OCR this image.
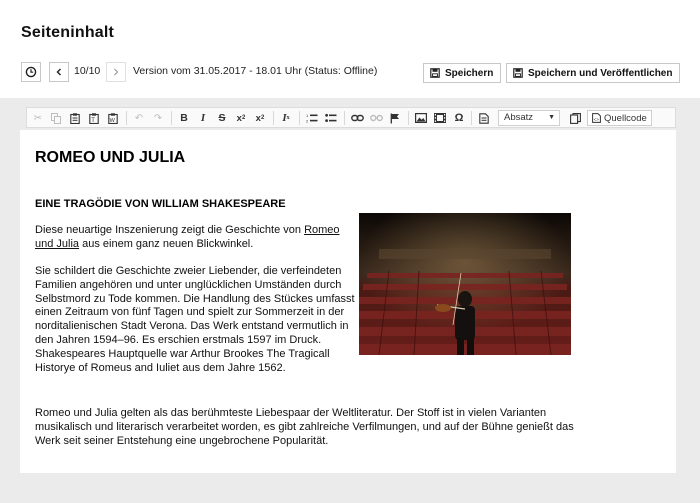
Seiteninhalt
10/10	Version vom 31.05.2017 - 18.01 Uhr (Status: Offline)	Speichern	Speichern und Veröffentlichen
✂	T	W	↶	↷	B	I	S	x 2	x 2	I x	1
2	Ω	Absatz ▼	<> Quellcode
ROMEO UND JULIA
EINE TRAGÖDIE VON WILLIAM SHAKESPEARE

Diese neuartige Inszenierung zeigt die Geschichte von Romeo und Julia aus einem ganz neuen Blickwinkel.

Sie schildert die Geschichte zweier Liebender, die verfeindeten Familien angehören und unter unglücklichen Umständen durch Selbstmord zu Tode kommen. Die Handlung des Stückes umfasst einen Zeitraum von fünf Tagen und spielt zur Sommerzeit in der norditalienischen Stadt Verona. Das Werk entstand vermutlich in den Jahren 1594–96. Es erschien erstmals 1597 im Druck. Shakespeares Hauptquelle war Arthur Brookes The Tragicall Historye of Romeus and Iuliet aus dem Jahre 1562.

Romeo und Julia gelten als das berühmteste Liebespaar der Weltliteratur. Der Stoff ist in vielen Varianten musikalisch und literarisch verarbeitet worden, es gibt zahlreiche Verfilmungen, und auf der Bühne genießt das Werk seit seiner Entstehung eine ungebrochene Popularität.
